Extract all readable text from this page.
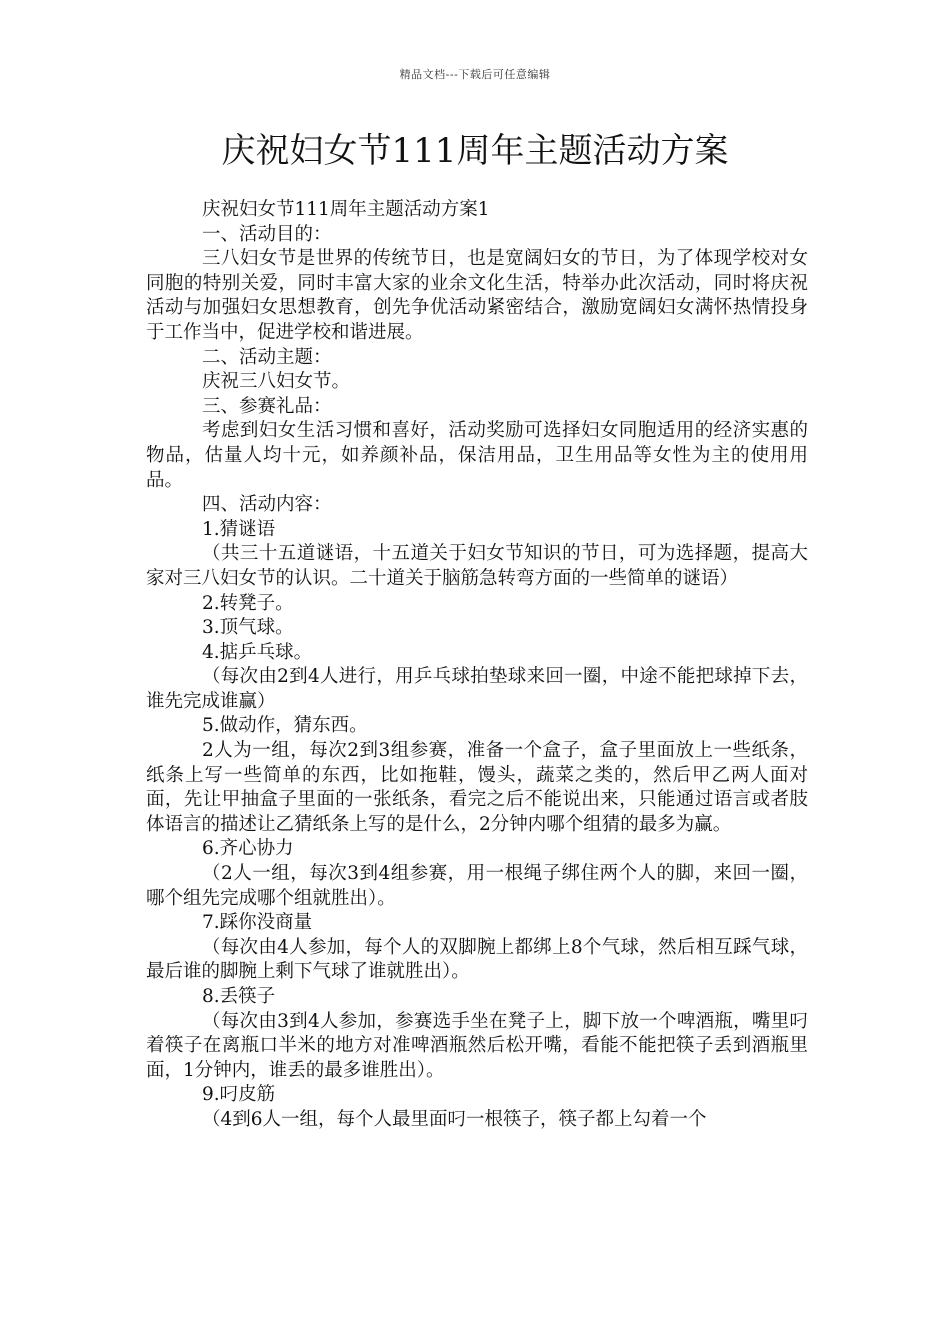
精品文档---下载后可任意编辑
庆祝妇女节111周年主题活动方案

庆祝妇女节111周年主题活动方案1

一、活动目的：

三八妇女节是世界的传统节日，也是宽阔妇女的节日，为了体现学校对女同胞的特别关爱，同时丰富大家的业余文化生活，特举办此次活动，同时将庆祝活动与加强妇女思想教育，创先争优活动紧密结合，激励宽阔妇女满怀热情投身于工作当中，促进学校和谐进展。

二、活动主题：

庆祝三八妇女节。

三、参赛礼品：

考虑到妇女生活习惯和喜好，活动奖励可选择妇女同胞适用的经济实惠的物品，估量人均十元，如养颜补品，保洁用品，卫生用品等女性为主的使用用品。

四、活动内容：

1.猜谜语

（共三十五道谜语，十五道关于妇女节知识的节日，可为选择题，提高大家对三八妇女节的认识。二十道关于脑筋急转弯方面的一些简单的谜语）

2.转凳子。

3.顶气球。

4.掂乒乓球。

（每次由2到4人进行，用乒乓球拍垫球来回一圈，中途不能把球掉下去，谁先完成谁赢）

5.做动作，猜东西。

2人为一组，每次2到3组参赛，准备一个盒子，盒子里面放上一些纸条，纸条上写一些简单的东西，比如拖鞋，馒头，蔬菜之类的，然后甲乙两人面对面，先让甲抽盒子里面的一张纸条，看完之后不能说出来，只能通过语言或者肢体语言的描述让乙猜纸条上写的是什么，2分钟内哪个组猜的最多为赢。

6.齐心协力

（2人一组，每次3到4组参赛，用一根绳子绑住两个人的脚，来回一圈，哪个组先完成哪个组就胜出）。

7.踩你没商量

（每次由4人参加，每个人的双脚腕上都绑上8个气球，然后相互踩气球，最后谁的脚腕上剩下气球了谁就胜出）。

8.丢筷子

（每次由3到4人参加，参赛选手坐在凳子上，脚下放一个啤酒瓶，嘴里叼着筷子在离瓶口半米的地方对准啤酒瓶然后松开嘴，看能不能把筷子丢到酒瓶里面，1分钟内，谁丢的最多谁胜出）。

9.叼皮筋

（4到6人一组，每个人最里面叼一根筷子，筷子都上勾着一个
